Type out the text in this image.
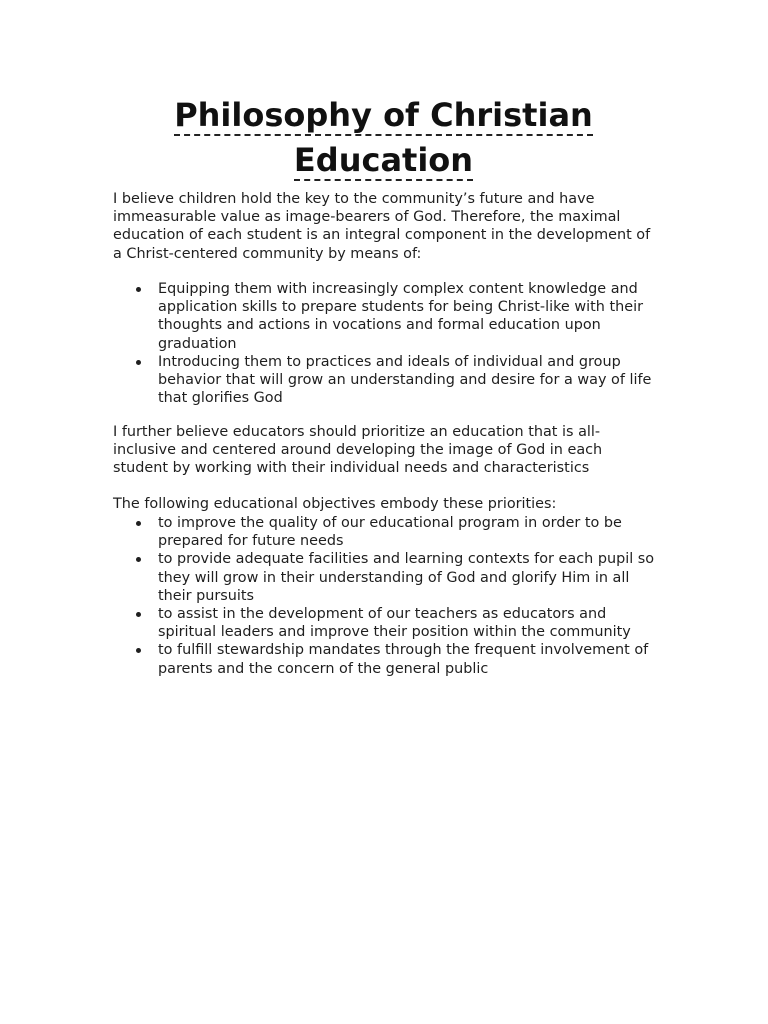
Philosophy of Christian Education

I believe children hold the key to the community’s future and have immeasurable value as image-bearers of God. Therefore, the maximal education of each student is an integral component in the development of a Christ-centered community by means of:

Equipping them with increasingly complex content knowledge and application skills to prepare students for being Christ-like with their thoughts and actions in vocations and formal education upon graduation
Introducing them to practices and ideals of individual and group behavior that will grow an understanding and desire for a way of life that glorifies God

I further believe educators should prioritize an education that is all-inclusive and centered around developing the image of God in each student by working with their individual needs and characteristics

The following educational objectives embody these priorities:

to improve the quality of our educational program in order to be prepared for future needs
to provide adequate facilities and learning contexts for each pupil so they will grow in their understanding of God and glorify Him in all their pursuits
to assist in the development of our teachers as educators and spiritual leaders and improve their position within the community
to fulfill stewardship mandates through the frequent involvement of parents and the concern of the general public
